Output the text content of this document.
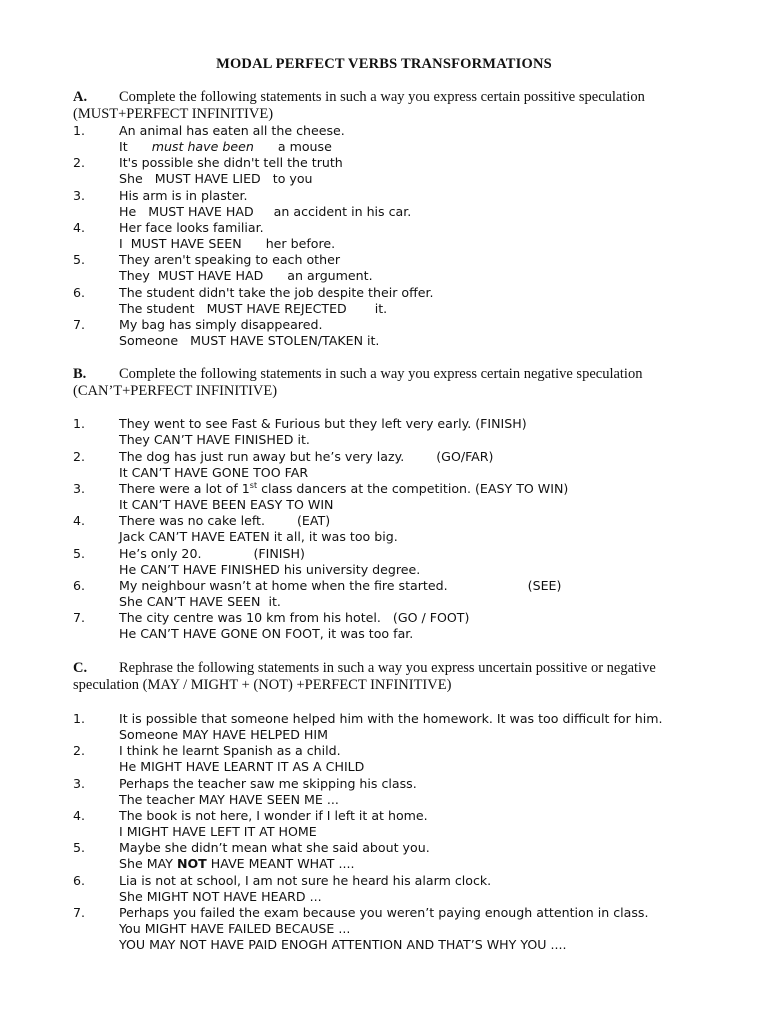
MODAL PERFECT VERBS TRANSFORMATIONS
A. Complete the following statements in such a way you express certain possitive speculation
(MUST+PERFECT INFINITIVE)
1.	An animal has eaten all the cheese.
It must have been a mouse
2.	It's possible she didn't tell the truth
She   MUST HAVE LIED   to you
3.	His arm is in plaster.
He   MUST HAVE HAD     an accident in his car.
4.	Her face looks familiar.
I  MUST HAVE SEEN      her before.
5.	They aren't speaking to each other
They  MUST HAVE HAD      an argument.
6.	The student didn't take the job despite their offer.
The student   MUST HAVE REJECTED       it.
7.	My bag has simply disappeared.
Someone   MUST HAVE STOLEN/TAKEN it.
B. Complete the following statements in such a way you express certain negative speculation
(CAN’T+PERFECT INFINITIVE)
1.	They went to see Fast & Furious but they left very early. (FINISH)
They CAN’T HAVE FINISHED it.
2.	The dog has just run away but he’s very lazy.        (GO/FAR)
It CAN’T HAVE GONE TOO FAR
3.	There were a lot of 1st class dancers at the competition. (EASY TO WIN)
It CAN’T HAVE BEEN EASY TO WIN
4.	There was no cake left.        (EAT)
Jack CAN’T HAVE EATEN it all, it was too big.
5.	He’s only 20.             (FINISH)
He CAN’T HAVE FINISHED his university degree.
6.	My neighbour wasn’t at home when the fire started.                    (SEE)
She CAN’T HAVE SEEN  it.
7.	The city centre was 10 km from his hotel.   (GO / FOOT)
He CAN’T HAVE GONE ON FOOT, it was too far.
C. Rephrase the following statements in such a way you express uncertain possitive or negative
speculation (MAY / MIGHT + (NOT) +PERFECT INFINITIVE)
1.	It is possible that someone helped him with the homework. It was too difficult for him.
Someone MAY HAVE HELPED HIM
2.	I think he learnt Spanish as a child.
He MIGHT HAVE LEARNT IT AS A CHILD
3.	Perhaps the teacher saw me skipping his class.
The teacher MAY HAVE SEEN ME ...
4.	The book is not here, I wonder if I left it at home.
I MIGHT HAVE LEFT IT AT HOME
5.	Maybe she didn’t mean what she said about you.
She MAY NOT HAVE MEANT WHAT ....
6.	Lia is not at school, I am not sure he heard his alarm clock.
She MIGHT NOT HAVE HEARD ...
7.	Perhaps you failed the exam because you weren’t paying enough attention in class.
You MIGHT HAVE FAILED BECAUSE ...
YOU MAY NOT HAVE PAID ENOGH ATTENTION AND THAT’S WHY YOU ....
